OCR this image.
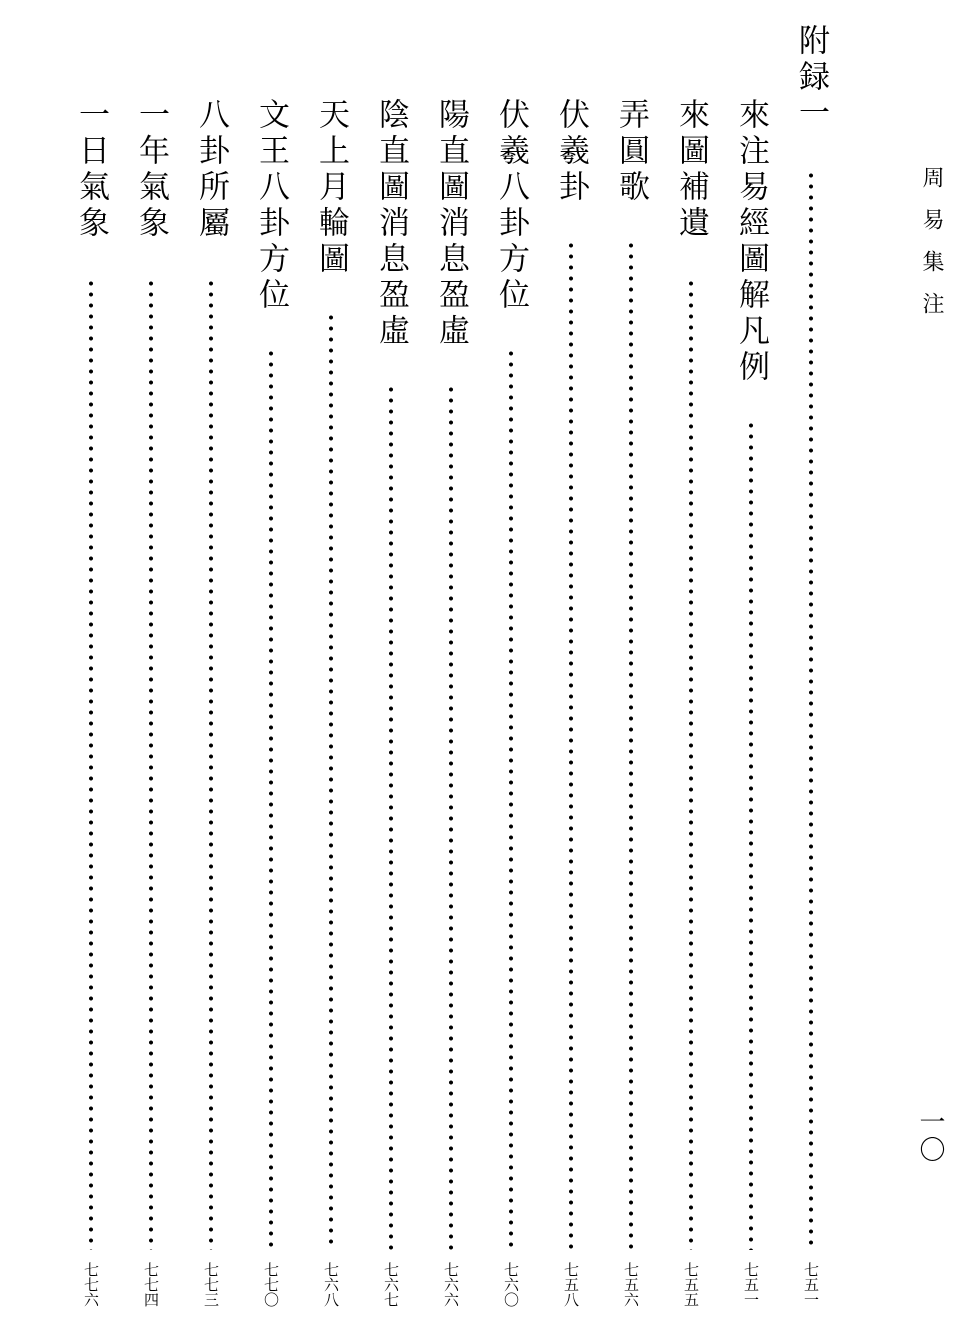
周易集注
一〇
附録一
七五一
來注易經圖解凡例
七五一
來圖補遺
七五五
弄圓歌
七五六
伏羲卦
七五八
伏羲八卦方位
七六〇
陽直圖消息盈虛
七六六
陰直圖消息盈虛
七六七
天上月輪圖
七六八
文王八卦方位
七七〇
八卦所屬
七七三
一年氣象
七七四
一日氣象
七七六
